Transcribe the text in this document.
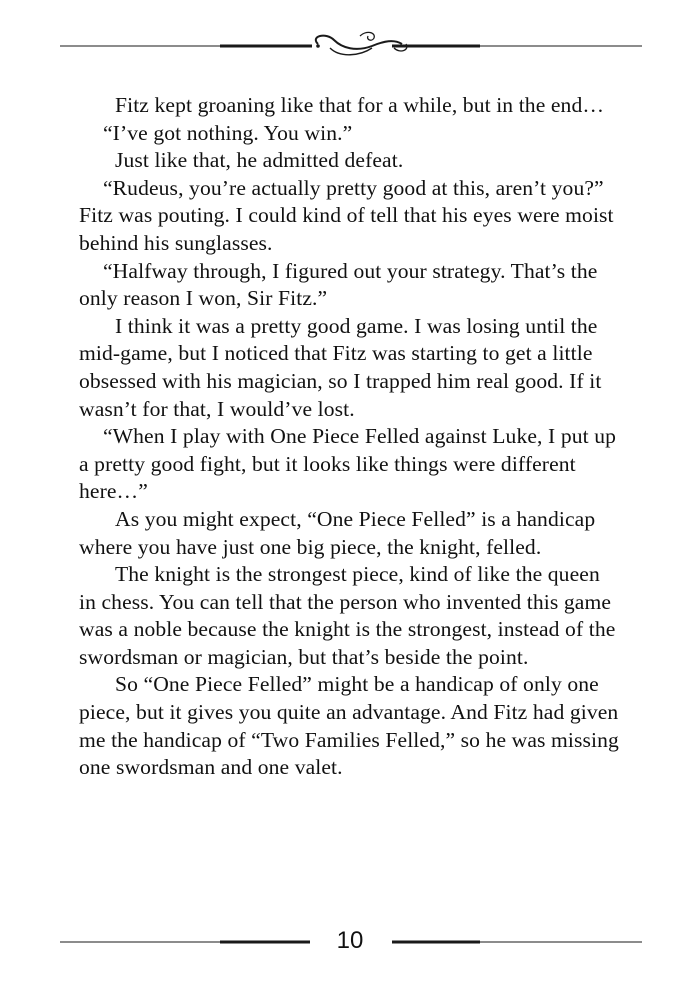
Fitz kept groaning like that for a while, but in the end…

“I’ve got nothing. You win.”

Just like that, he admitted defeat.

“Rudeus, you’re actually pretty good at this, aren’t you?” Fitz was pouting. I could kind of tell that his eyes were moist behind his sunglasses.

“Halfway through, I figured out your strategy. That’s the only reason I won, Sir Fitz.”

I think it was a pretty good game. I was losing until the mid-game, but I noticed that Fitz was starting to get a little obsessed with his magician, so I trapped him real good. If it wasn’t for that, I would’ve lost.

“When I play with One Piece Felled against Luke, I put up a pretty good fight, but it looks like things were different here…”

As you might expect, “One Piece Felled” is a handicap where you have just one big piece, the knight, felled.

The knight is the strongest piece, kind of like the queen in chess. You can tell that the person who invented this game was a noble because the knight is the strongest, instead of the swordsman or magician, but that’s beside the point.

So “One Piece Felled” might be a handicap of only one piece, but it gives you quite an advantage. And Fitz had given me the handicap of “Two Families Felled,” so he was missing one swordsman and one valet.

10
